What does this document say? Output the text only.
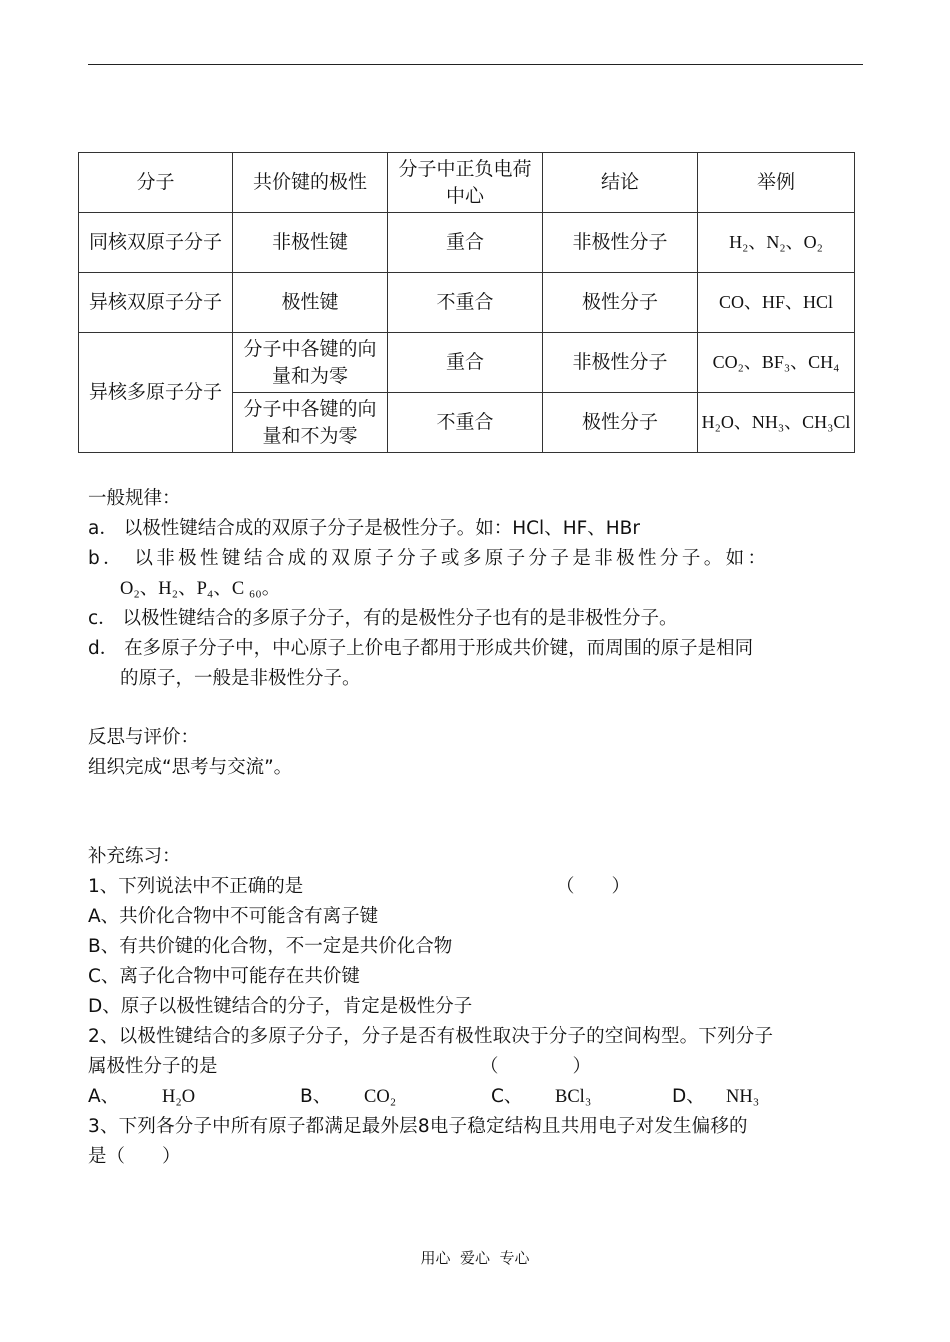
分子	共价键的极性	分子中正负电荷中心	结论	举例
同核双原子分子	非极性键	重合	非极性分子	H₂、N₂、O₂
异核双原子分子	极性键	不重合	极性分子	CO、HF、HCl
异核多原子分子	分子中各键的向量和为零	重合	非极性分子	CO₂、BF₃、CH₄
	分子中各键的向量和不为零	不重合	极性分子	H₂O、NH₃、CH₃Cl

一般规律：

a． 以极性键结合成的双原子分子是极性分子。如：HCl、HF、HBr

b． 以非极性键结合成的双原子分子或多原子分子是非极性分子。如：

O₂、H₂、P₄、C ₆₀。

c． 以极性键结合的多原子分子，有的是极性分子也有的是非极性分子。

d． 在多原子分子中，中心原子上价电子都用于形成共价键，而周围的原子是相同

的原子，一般是非极性分子。

反思与评价：

组织完成“思考与交流”。

补充练习：

1、下列说法中不正确的是	（　　）

A、共价化合物中不可能含有离子键

B、有共价键的化合物，不一定是共价化合物

C、离子化合物中可能存在共价键

D、原子以极性键结合的分子，肯定是极性分子

2、以极性键结合的多原子分子，分子是否有极性取决于分子的空间构型。下列分子

属极性分子的是	（　　　　）

A、	H₂O	B、	CO₂	C、	BCl₃	D、	NH₃

3、下列各分子中所有原子都满足最外层8电子稳定结构且共用电子对发生偏移的

是（　　）

用心  爱心  专心
